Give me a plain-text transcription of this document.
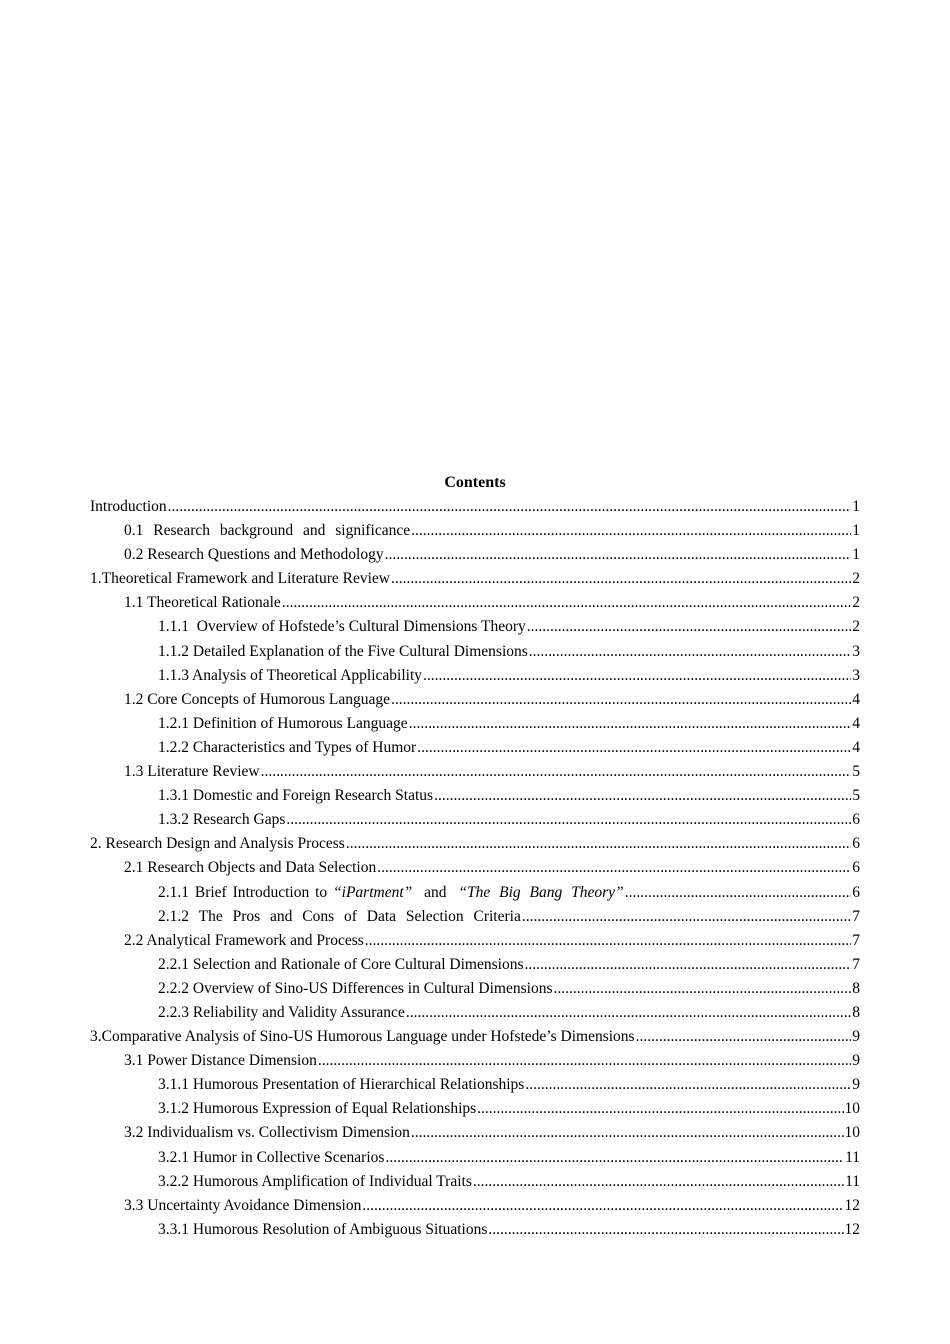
Contents
Introduction .....	1
0.1 Research background and significance .....	1
0.2 Research Questions and Methodology .....	1
1.Theoretical Framework and Literature Review .....	2
1.1 Theoretical Rationale .....	2
1.1.1  Overview of Hofstede’s Cultural Dimensions Theory .....	2
1.1.2 Detailed Explanation of the Five Cultural Dimensions .....	3
1.1.3 Analysis of Theoretical Applicability .....	3
1.2 Core Concepts of Humorous Language .....	4
1.2.1 Definition of Humorous Language .....	4
1.2.2 Characteristics and Types of Humor .....	4
1.3 Literature Review .....	5
1.3.1 Domestic and Foreign Research Status .....	5
1.3.2 Research Gaps .....	6
2. Research Design and Analysis Process .....	6
2.1 Research Objects and Data Selection .....	6
2.1.1 Brief Introduction to “iPartment” and “The Big Bang Theory” .....	6
2.1.2 The Pros and Cons of Data Selection Criteria .....	7
2.2 Analytical Framework and Process .....	7
2.2.1 Selection and Rationale of Core Cultural Dimensions .....	7
2.2.2 Overview of Sino-US Differences in Cultural Dimensions .....	8
2.2.3 Reliability and Validity Assurance .....	8
3.Comparative Analysis of Sino-US Humorous Language under Hofstede’s Dimensions .....	9
3.1 Power Distance Dimension .....	9
3.1.1 Humorous Presentation of Hierarchical Relationships .....	9
3.1.2 Humorous Expression of Equal Relationships .....	10
3.2 Individualism vs. Collectivism Dimension .....	10
3.2.1 Humor in Collective Scenarios .....	11
3.2.2 Humorous Amplification of Individual Traits .....	11
3.3 Uncertainty Avoidance Dimension .....	12
3.3.1 Humorous Resolution of Ambiguous Situations .....	12
